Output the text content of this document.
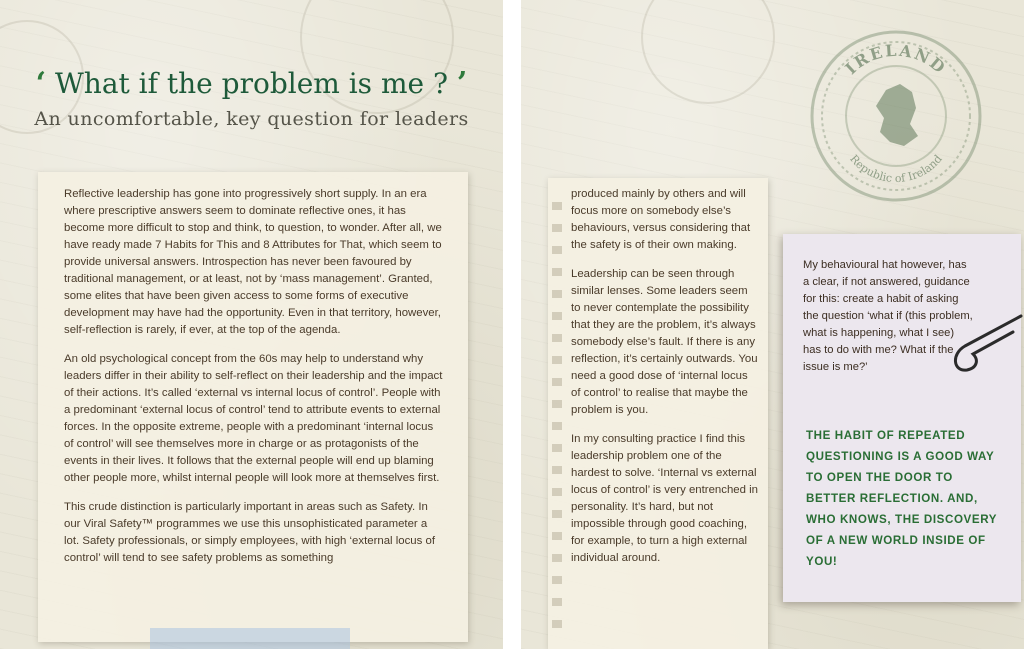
‘ What if the problem is me ? ’
An uncomfortable, key question for leaders

Reflective leadership has gone into progressively short supply. In an era where prescriptive answers seem to dominate reflective ones, it has become more difficult to stop and think, to question, to wonder. After all, we have ready made 7 Habits for This and 8 Attributes for That, which seem to provide universal answers. Introspection has never been favoured by traditional management, or at least, not by ‘mass management’. Granted, some elites that have been given access to some forms of executive development may have had the opportunity. Even in that territory, however, self-reflection is rarely, if ever, at the top of the agenda.

An old psychological concept from the 60s may help to understand why leaders differ in their ability to self-reflect on their leadership and the impact of their actions. It’s called ‘external vs internal locus of control’. People with a predominant ‘external locus of control’ tend to attribute events to external forces. In the opposite extreme, people with a predominant ‘internal locus of control’ will see themselves more in charge or as protagonists of the events in their lives. It follows that the external people will end up blaming other people more, whilst internal people will look more at themselves first.

This crude distinction is particularly important in areas such as Safety. In our Viral Safety™ programmes we use this unsophisticated parameter a lot. Safety professionals, or simply employees, with high ‘external locus of control’ will tend to see safety problems as something

IRELAND
Republic of Ireland

produced mainly by others and will focus more on somebody else’s behaviours, versus considering that the safety is of their own making.

Leadership can be seen through similar lenses. Some leaders seem to never contemplate the possibility that they are the problem, it’s always somebody else’s fault. If there is any reflection, it’s certainly outwards. You need a good dose of ‘internal locus of control’ to realise that maybe the problem is you.

In my consulting practice I find this leadership problem one of the hardest to solve. ‘Internal vs external locus of control’ is very entrenched in personality. It’s hard, but not impossible through good coaching, for example, to turn a high external individual around.

My behavioural hat however, has a clear, if not answered, guidance for this: create a habit of asking the question ‘what if (this problem, what is happening, what I see) has to do with me? What if the issue is me?’

THE HABIT OF REPEATED QUESTIONING IS A GOOD WAY TO OPEN THE DOOR TO BETTER REFLECTION. AND, WHO KNOWS, THE DISCOVERY OF A NEW WORLD INSIDE OF YOU!
